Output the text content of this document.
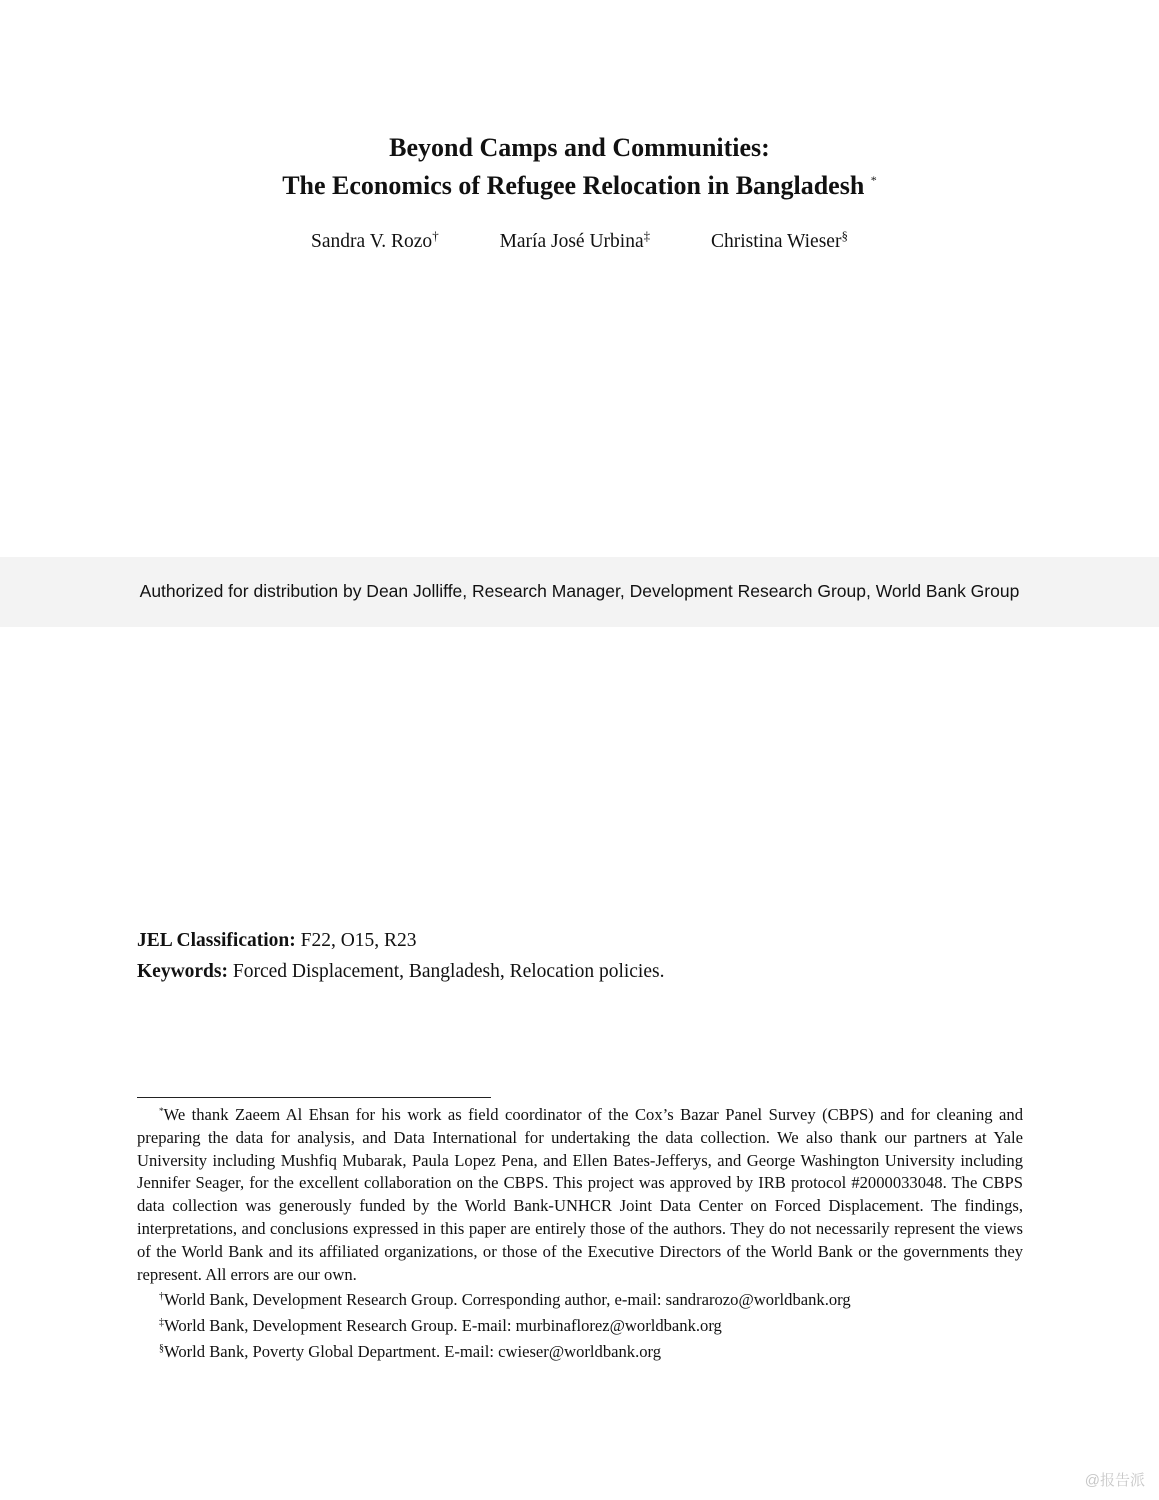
Beyond Camps and Communities:
The Economics of Refugee Relocation in Bangladesh *
Sandra V. Rozo†	María José Urbina‡	Christina Wieser§
Authorized for distribution by Dean Jolliffe, Research Manager, Development Research Group, World Bank Group
JEL Classification: F22, O15, R23
Keywords: Forced Displacement, Bangladesh, Relocation policies.

*We thank Zaeem Al Ehsan for his work as field coordinator of the Cox’s Bazar Panel Survey (CBPS) and for cleaning and preparing the data for analysis, and Data International for undertaking the data collection. We also thank our partners at Yale University including Mushfiq Mubarak, Paula Lopez Pena, and Ellen Bates-Jefferys, and George Washington University including Jennifer Seager, for the excellent collaboration on the CBPS. This project was approved by IRB protocol #2000033048. The CBPS data collection was generously funded by the World Bank-UNHCR Joint Data Center on Forced Displacement. The findings, interpretations, and conclusions expressed in this paper are entirely those of the authors. They do not necessarily represent the views of the World Bank and its affiliated organizations, or those of the Executive Directors of the World Bank or the governments they represent. All errors are our own.

†World Bank, Development Research Group. Corresponding author, e-mail: sandrarozo@worldbank.org

‡World Bank, Development Research Group. E-mail: murbinaflorez@worldbank.org

§World Bank, Poverty Global Department. E-mail: cwieser@worldbank.org

@报告派
